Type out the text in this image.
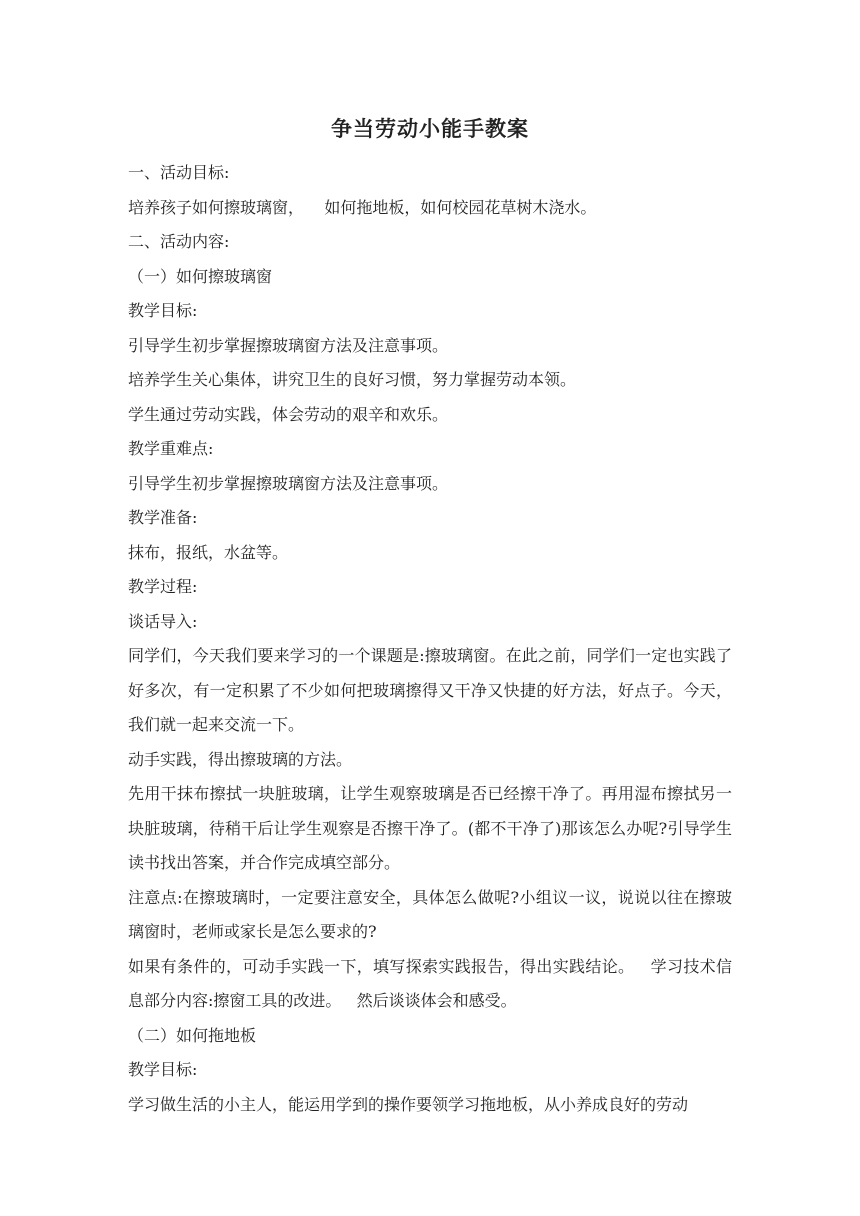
争当劳动小能手教案

一、活动目标:

培养孩子如何擦玻璃窗，    如何拖地板，如何校园花草树木浇水。

二、活动内容:

（一）如何擦玻璃窗

教学目标:

引导学生初步掌握擦玻璃窗方法及注意事项。

培养学生关心集体，讲究卫生的良好习惯，努力掌握劳动本领。

学生通过劳动实践，体会劳动的艰辛和欢乐。

教学重难点:

引导学生初步掌握擦玻璃窗方法及注意事项。

教学准备:

抹布，报纸，水盆等。

教学过程:

谈话导入:

同学们，今天我们要来学习的一个课题是:擦玻璃窗。在此之前，同学们一定也实践了好多次，有一定积累了不少如何把玻璃擦得又干净又快捷的好方法，好点子。今天，我们就一起来交流一下。

动手实践，得出擦玻璃的方法。

先用干抹布擦拭一块脏玻璃，让学生观察玻璃是否已经擦干净了。再用湿布擦拭另一块脏玻璃，待稍干后让学生观察是否擦干净了。(都不干净了)那该怎么办呢?引导学生读书找出答案，并合作完成填空部分。

注意点:在擦玻璃时，一定要注意安全，具体怎么做呢?小组议一议，说说以往在擦玻璃窗时，老师或家长是怎么要求的?

如果有条件的，可动手实践一下，填写探索实践报告，得出实践结论。   学习技术信息部分内容:擦窗工具的改进。   然后谈谈体会和感受。

（二）如何拖地板

教学目标:

学习做生活的小主人，能运用学到的操作要领学习拖地板，从小养成良好的劳动
